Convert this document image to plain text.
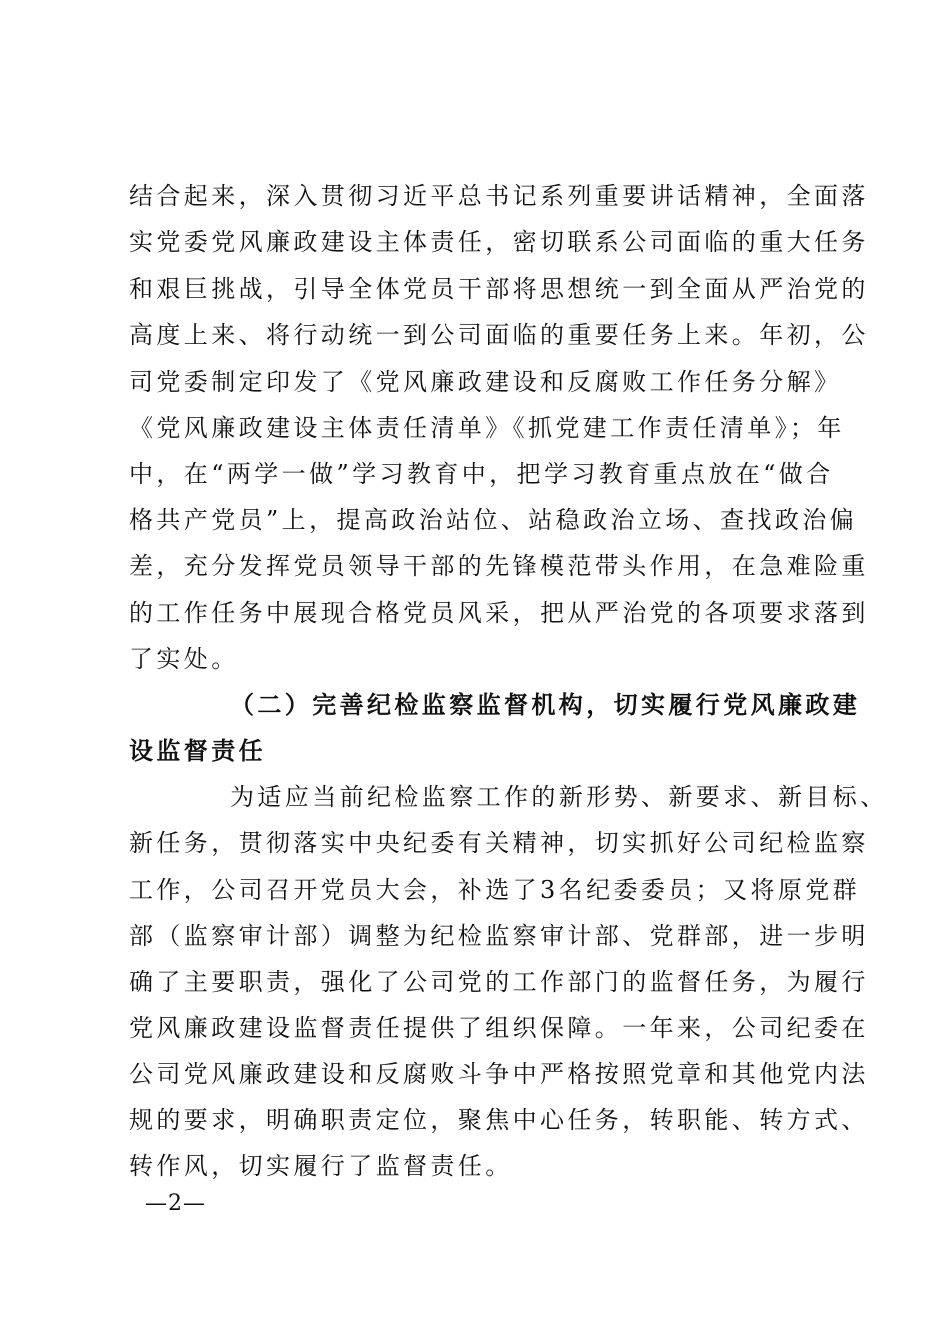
结合起来，深入贯彻习近平总书记系列重要讲话精神，全面落
实党委党风廉政建设主体责任，密切联系公司面临的重大任务
和艰巨挑战，引导全体党员干部将思想统一到全面从严治党的
高度上来、将行动统一到公司面临的重要任务上来。年初，公
司党委制定印发了《党风廉政建设和反腐败工作任务分解》
《党风廉政建设主体责任清单》《抓党建工作责任清单》；年
中，在“两学一做”学习教育中，把学习教育重点放在“做合
格共产党员”上，提高政治站位、站稳政治立场、查找政治偏
差，充分发挥党员领导干部的先锋模范带头作用，在急难险重
的工作任务中展现合格党员风采，把从严治党的各项要求落到
了实处。
（二）完善纪检监察监督机构，切实履行党风廉政建
设监督责任
为适应当前纪检监察工作的新形势、新要求、新目标、
新任务，贯彻落实中央纪委有关精神，切实抓好公司纪检监察
工作，公司召开党员大会，补选了3名纪委委员；又将原党群
部（监察审计部）调整为纪检监察审计部、党群部，进一步明
确了主要职责，强化了公司党的工作部门的监督任务，为履行
党风廉政建设监督责任提供了组织保障。一年来，公司纪委在
公司党风廉政建设和反腐败斗争中严格按照党章和其他党内法
规的要求，明确职责定位，聚焦中心任务，转职能、转方式、
转作风，切实履行了监督责任。
—2—
